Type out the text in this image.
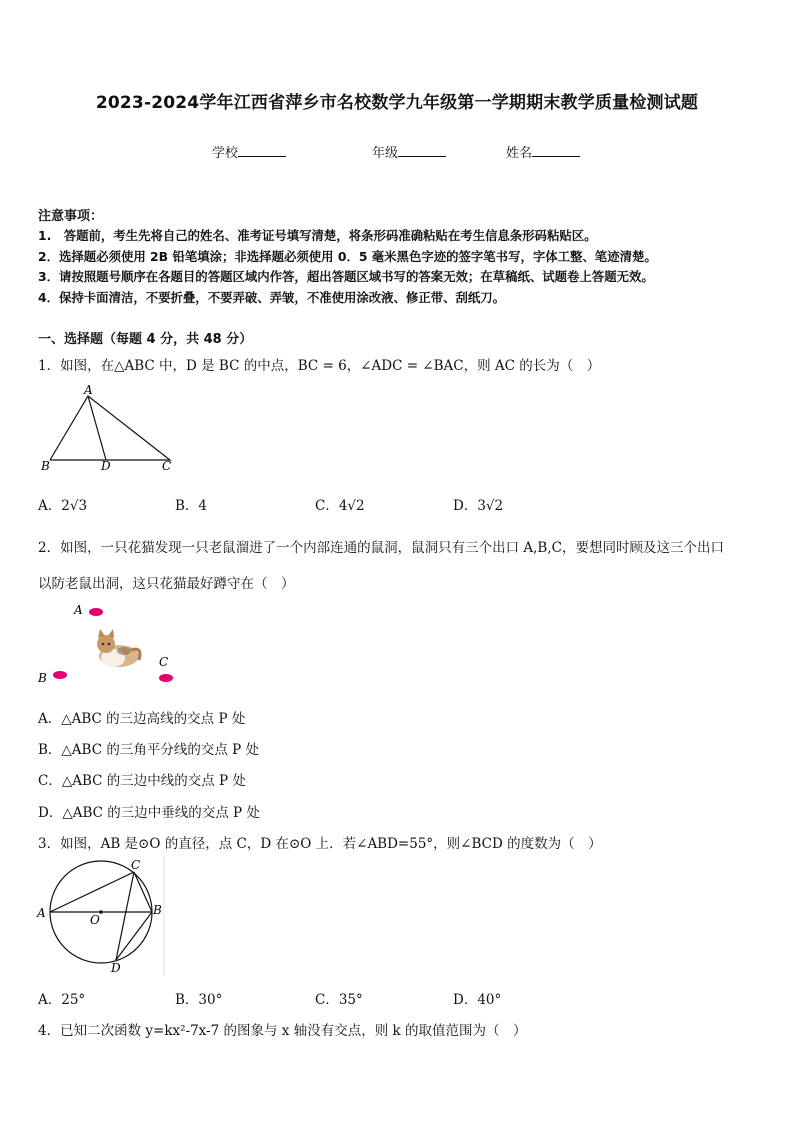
2023-2024学年江西省萍乡市名校数学九年级第一学期期末教学质量检测试题
学校	年级	姓名
注意事项：
1.　答题前，考生先将自己的姓名、准考证号填写清楚，将条形码准确粘贴在考生信息条形码粘贴区。
2．选择题必须使用 2B 铅笔填涂；非选择题必须使用 0．5 毫米黑色字迹的签字笔书写，字体工整、笔迹清楚。
3．请按照题号顺序在各题目的答题区域内作答，超出答题区域书写的答案无效；在草稿纸、试题卷上答题无效。
4．保持卡面清洁，不要折叠，不要弄破、弄皱，不准使用涂改液、修正带、刮纸刀。
一、选择题（每题 4 分，共 48 分）
1．如图，在△ABC 中，D 是 BC 的中点，BC = 6，∠ADC = ∠BAC，则 AC 的长为（　）
A
B	D	C
A．2√3	B．4	C．4√2	D．3√2
2．如图，一只花猫发现一只老鼠溜进了一个内部连通的鼠洞，鼠洞只有三个出口 A,B,C，要想同时顾及这三个出口
以防老鼠出洞，这只花猫最好蹲守在（　）
A
B
C
A．△ABC 的三边高线的交点 P 处
B．△ABC 的三角平分线的交点 P 处
C．△ABC 的三边中线的交点 P 处
D．△ABC 的三边中垂线的交点 P 处
3．如图，AB 是⊙O 的直径，点 C，D 在⊙O 上．若∠ABD=55°，则∠BCD 的度数为（　）
A	O
C
B
D
A．25°	B．30°	C．35°	D．40°
4．已知二次函数 y=kx²-7x-7 的图象与 x 轴没有交点，则 k 的取值范围为（　）
